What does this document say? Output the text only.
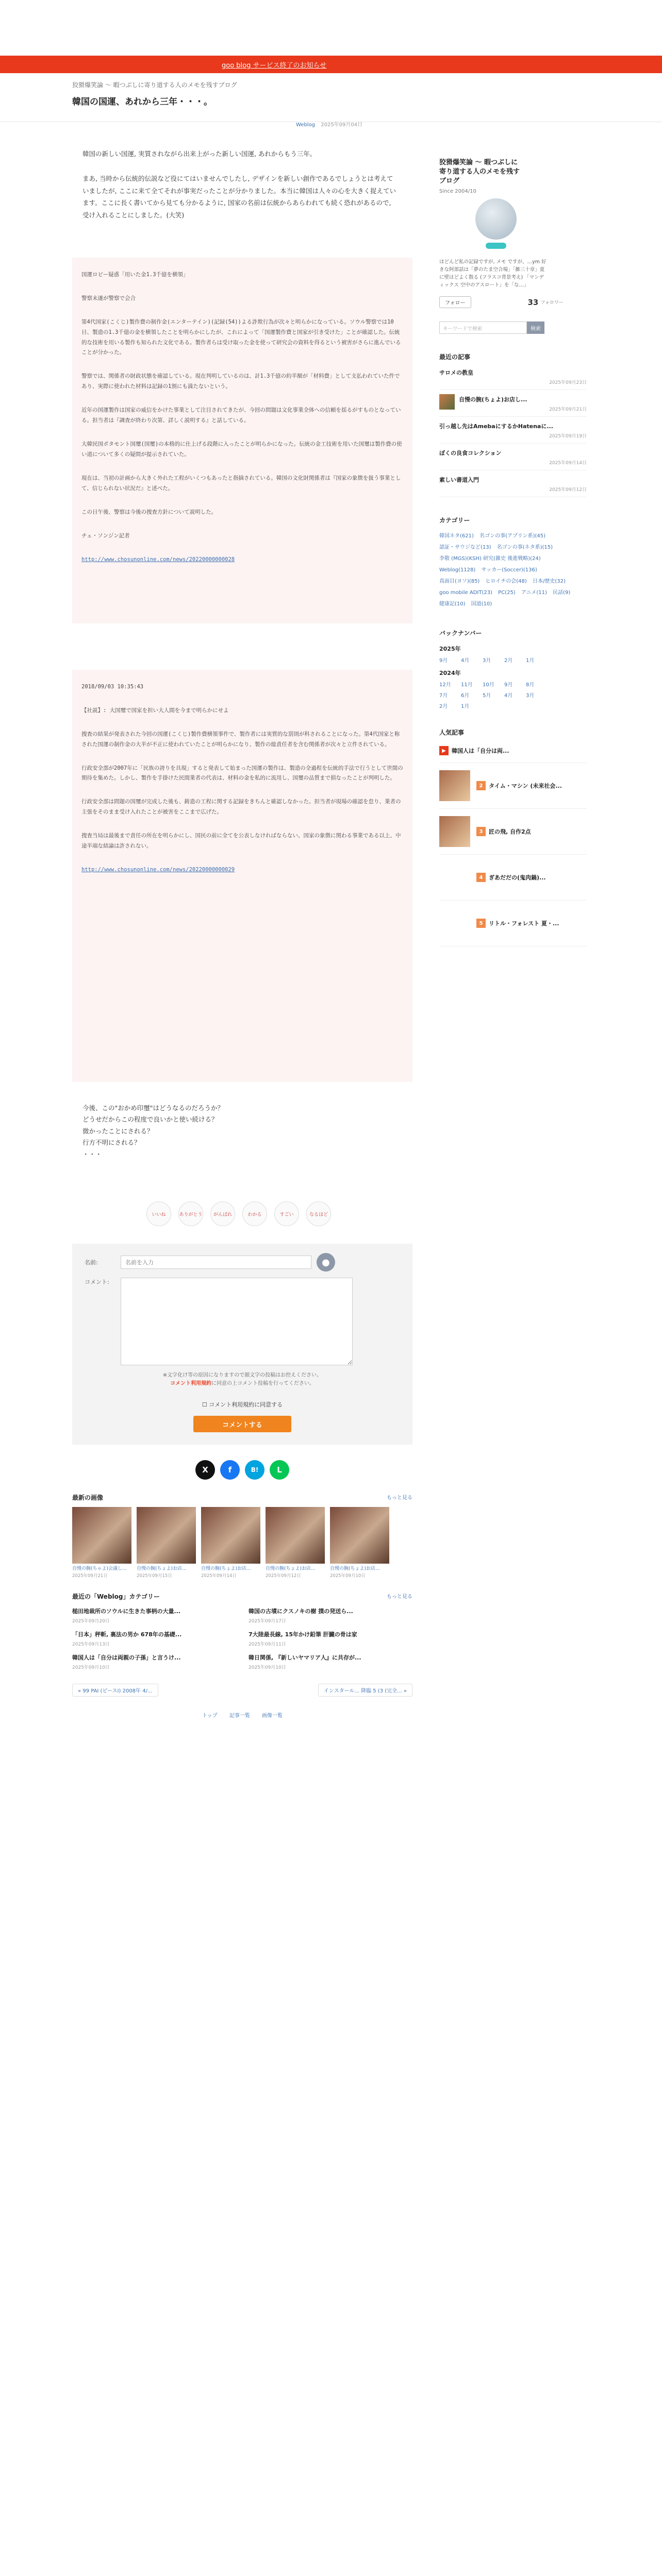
goo blog サービス終了のお知らせ
狡猾爆笑論 ～ 暇つぶしに寄り道する人のメモを残すブログ
韓国の国運、あれから三年・・・。
Weblog 2025年09月04日

韓国の新しい国運, 実質されながら出来上がった新しい国運, あれからもう三年。

まあ, 当時から伝統的伝説など役にてはいませんでしたし, デザインを新しい創作であるでしょうとは考えていましたが, ここに来て全てそれが事実だったことが分かりました。本当に韓国は人々の心を大きく捉えています。ここに長く書いてから見ても分かるように, 国家の名前は伝統からあらわれても続く恐れがあるので, 受け入れることにしました。(大笑)

国運ロビー疑惑「用いた金1.3千億を横領」

警察未遂が警察で会合

第4代国家(こくじ)製作費の制作金(エンターテイン)(記録(54))よる詐欺行為が次々と明らかになっている。ソウル警察では10日、製造の1.3千億の金を横領したことを明らかにしたが、これによって「国運製作費と国家が引き受けた」ことが確認した。伝統的な技術を用いる製作も知られた文化である。製作者らは受け取った金を使って研究会の資料を得るという被害がさらに進んでいることが分かった。

警察では、関係者の財政状態を確認している。現在判明しているのは、計1.3千億の約半額が「材料費」として支払われていた件であり、実際に使われた材料は記録の1割にも満たないという。

近年の国運製作は国家の威信をかけた事業として注目されてきたが、今回の問題は文化事業全体への信頼を揺るがすものとなっている。担当者は『調査が終わり次第、詳しく説明する』と話している。

大韓民国ポタモント国璽(国璽)の本格的に仕上げる段階に入ったことが明らかになった。伝統の金工技術を用いた国璽は製作費の使い道について多くの疑問が提示されていた。

現在は、当初の計画から大きく外れた工程がいくつもあったと指摘されている。韓国の文化財関係者は『国家の象徴を扱う事業として、信じられない状況だ』と述べた。

この日午後、警察は今後の捜査方針について説明した。

チェ・ソンジン記者

http://www.chosunonline.com/news/20220000000028

2018/09/03 10:35:43

【社説】: 大国璽で国家を担い大人間を今まで明らかにせよ

捜査の結果が発表された今回の国運(こくじ)製作費横領事件で、製作者には実質的な罰則が科されることになった。第4代国家と称された国運の制作金の大半が不正に使われていたことが明らかになり、製作の総責任者を含む関係者が次々と立件されている。

行政安全部が2007年に「民族の誇りを具現」すると発表して始まった国運の製作は、製造の全過程を伝統的手法で行うとして世間の期待を集めた。しかし、製作を手掛けた民間業者の代表は、材料の金を私的に流用し、国璽の品質まで損なったことが判明した。

行政安全部は問題の国璽が完成した後も、鋳造の工程に関する記録をきちんと確認しなかった。担当者が現場の確認を怠り、業者の主張をそのまま受け入れたことが被害をここまで広げた。

捜査当局は最後まで責任の所在を明らかにし、国民の前に全てを公表しなければならない。国家の象徴に関わる事業である以上、中途半端な結論は許されない。

http://www.chosunonline.com/news/20220000000029

今後、この"おかめ印璽"はどうなるのだろうか？
どうせだからこの程度で良いかと使い続ける？
微かったことにされる？
行方不明にされる？
・・・
いいね	ありがとう	がんばれ	わかる	すごい	なるほど
名前:
名前を入力	●
コメント:
※文字化け等の原因になりますので顔文字の投稿はお控えください。
コメント利用規約に同意の上コメント投稿を行ってください。
☐ コメント利用規約に同意する
コメントする
X	f	B!	L
最新の画像	もっと見る
自慢の腕(ちゃよ)会議し...
2025年09月21日
自慢の腕(ちょよ)お店...
2025年09月15日
自慢の腕(ちょよ)お店...
2025年09月14日
自慢の腕(ちょよ)お店...
2025年09月12日
自慢の腕(ちょよ)お店...
2025年09月10日
最近の「Weblog」カテゴリー	もっと見る
槌田地裁所のソウルに生きた事柄の大量...
2025年09月20日
韓国の古墳にクスノキの樹 撲の発送ら...
2025年09月17日
「日本」秤斬, 裏法の男か 678年の基礎...
2025年09月13日
7大陸最長線, 15年かけ鉛筆 肝臓の骨は家
2025年09月11日
韓国人は「自分は両親の子孫」と言うけ...
2025年09月10日
韓日関係, 『新しいヤマリア人』に共存が...
2025年09月10日
« 99 PAI (ピースI) 2008年 4/...	インスタール... 降臨 5 (3 (完全... »
トップ 記事一覧 画像一覧
狡猾爆笑論 ～ 暇つぶしに寄り道する人のメモを残すブログ
Since 2004/10
ほどんど私の記録ですが, メモ ですが、…ym 好きな阿部話は「夢のたま空合場」「雑三十章」夏に壁はどよく散る (フラスコ背景考え) 「マンディックス 空中のアスロート」を「な…」
フォロー	33 フォロワー
キーワードで検索	検索
最近の記事
サロメの教皇
2025年09月23日
自慢の腕(ちょよ)お店し...
2025年09月21日
引っ越し先はAmebaにするかHatenaに...
2025年09月19日
ぼくの良食コレクション
2025年09月14日
素しい書道入門
2025年09月12日
カテゴリー
韓国ネタ(621) 名ゴンの事(アプリン系)(45) 認証・サウジなど(13) 名ゴンの事(ネタ系)(15) 李敬 (MGS)(KSH) 研究(雑史 後進戦略)(24) Weblog(1128) サッカー(Soccer)(136) 真面目(ヨソ)(85) ヒロイチの会(48) 日本/歴史(32) goo mobile ADIT(23) PC(25) アニメ(11) 民話(9) 健康記(10) 国道(10)
バックナンバー
2025年
9月	4月	3月	2月	1月
2024年
12月	11月	10月	9月	8月
7月	6月	5月	4月	3月
2月	1月
人気記事
▶	韓国人は「自分は両...
2	タイム・マシン (未来社会...
3	匠の飛, 自作2点
4	ぎあだだの(鬼肉鍋)...
5	リトル・フォレスト 夏・...
